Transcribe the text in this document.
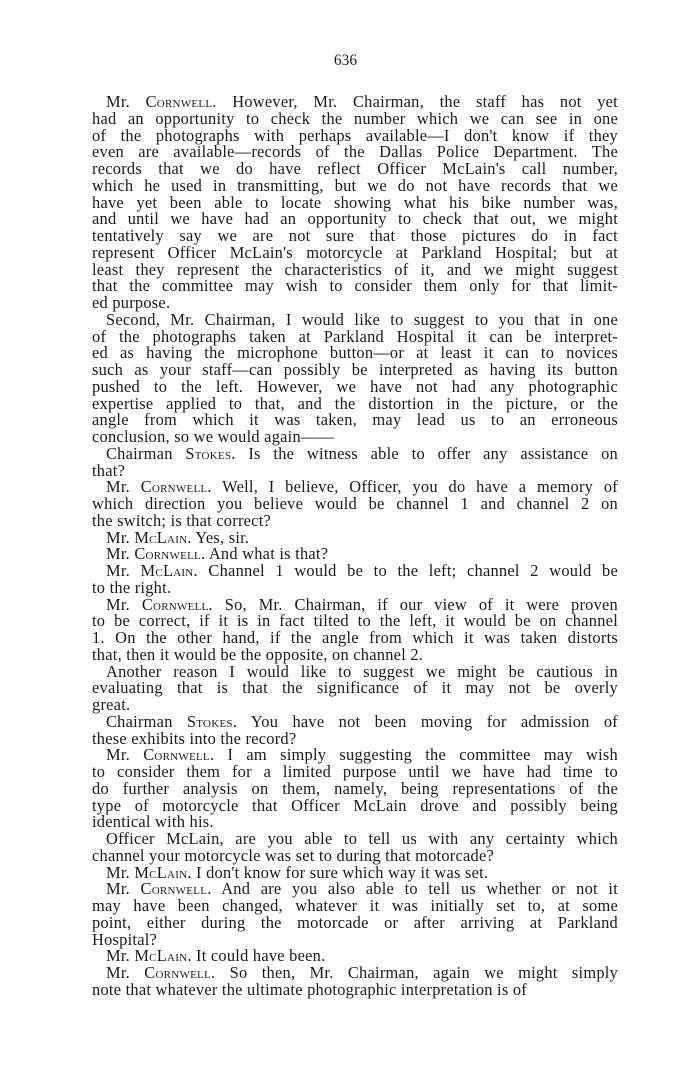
636
Mr. Cornwell. However, Mr. Chairman, the staff has not yet
had an opportunity to check the number which we can see in one
of the photographs with perhaps available—I don't know if they
even are available—records of the Dallas Police Department. The
records that we do have reflect Officer McLain's call number,
which he used in transmitting, but we do not have records that we
have yet been able to locate showing what his bike number was,
and until we have had an opportunity to check that out, we might
tentatively say we are not sure that those pictures do in fact
represent Officer McLain's motorcycle at Parkland Hospital; but at
least they represent the characteristics of it, and we might suggest
that the committee may wish to consider them only for that limit-
ed purpose.
Second, Mr. Chairman, I would like to suggest to you that in one
of the photographs taken at Parkland Hospital it can be interpret-
ed as having the microphone button—or at least it can to novices
such as your staff—can possibly be interpreted as having its button
pushed to the left. However, we have not had any photographic
expertise applied to that, and the distortion in the picture, or the
angle from which it was taken, may lead us to an erroneous
conclusion, so we would again——
Chairman Stokes. Is the witness able to offer any assistance on
that?
Mr. Cornwell. Well, I believe, Officer, you do have a memory of
which direction you believe would be channel 1 and channel 2 on
the switch; is that correct?
Mr. McLain. Yes, sir.
Mr. Cornwell. And what is that?
Mr. McLain. Channel 1 would be to the left; channel 2 would be
to the right.
Mr. Cornwell. So, Mr. Chairman, if our view of it were proven
to be correct, if it is in fact tilted to the left, it would be on channel
1. On the other hand, if the angle from which it was taken distorts
that, then it would be the opposite, on channel 2.
Another reason I would like to suggest we might be cautious in
evaluating that is that the significance of it may not be overly
great.
Chairman Stokes. You have not been moving for admission of
these exhibits into the record?
Mr. Cornwell. I am simply suggesting the committee may wish
to consider them for a limited purpose until we have had time to
do further analysis on them, namely, being representations of the
type of motorcycle that Officer McLain drove and possibly being
identical with his.
Officer McLain, are you able to tell us with any certainty which
channel your motorcycle was set to during that motorcade?
Mr. McLain. I don't know for sure which way it was set.
Mr. Cornwell. And are you also able to tell us whether or not it
may have been changed, whatever it was initially set to, at some
point, either during the motorcade or after arriving at Parkland
Hospital?
Mr. McLain. It could have been.
Mr. Cornwell. So then, Mr. Chairman, again we might simply
note that whatever the ultimate photographic interpretation is of
